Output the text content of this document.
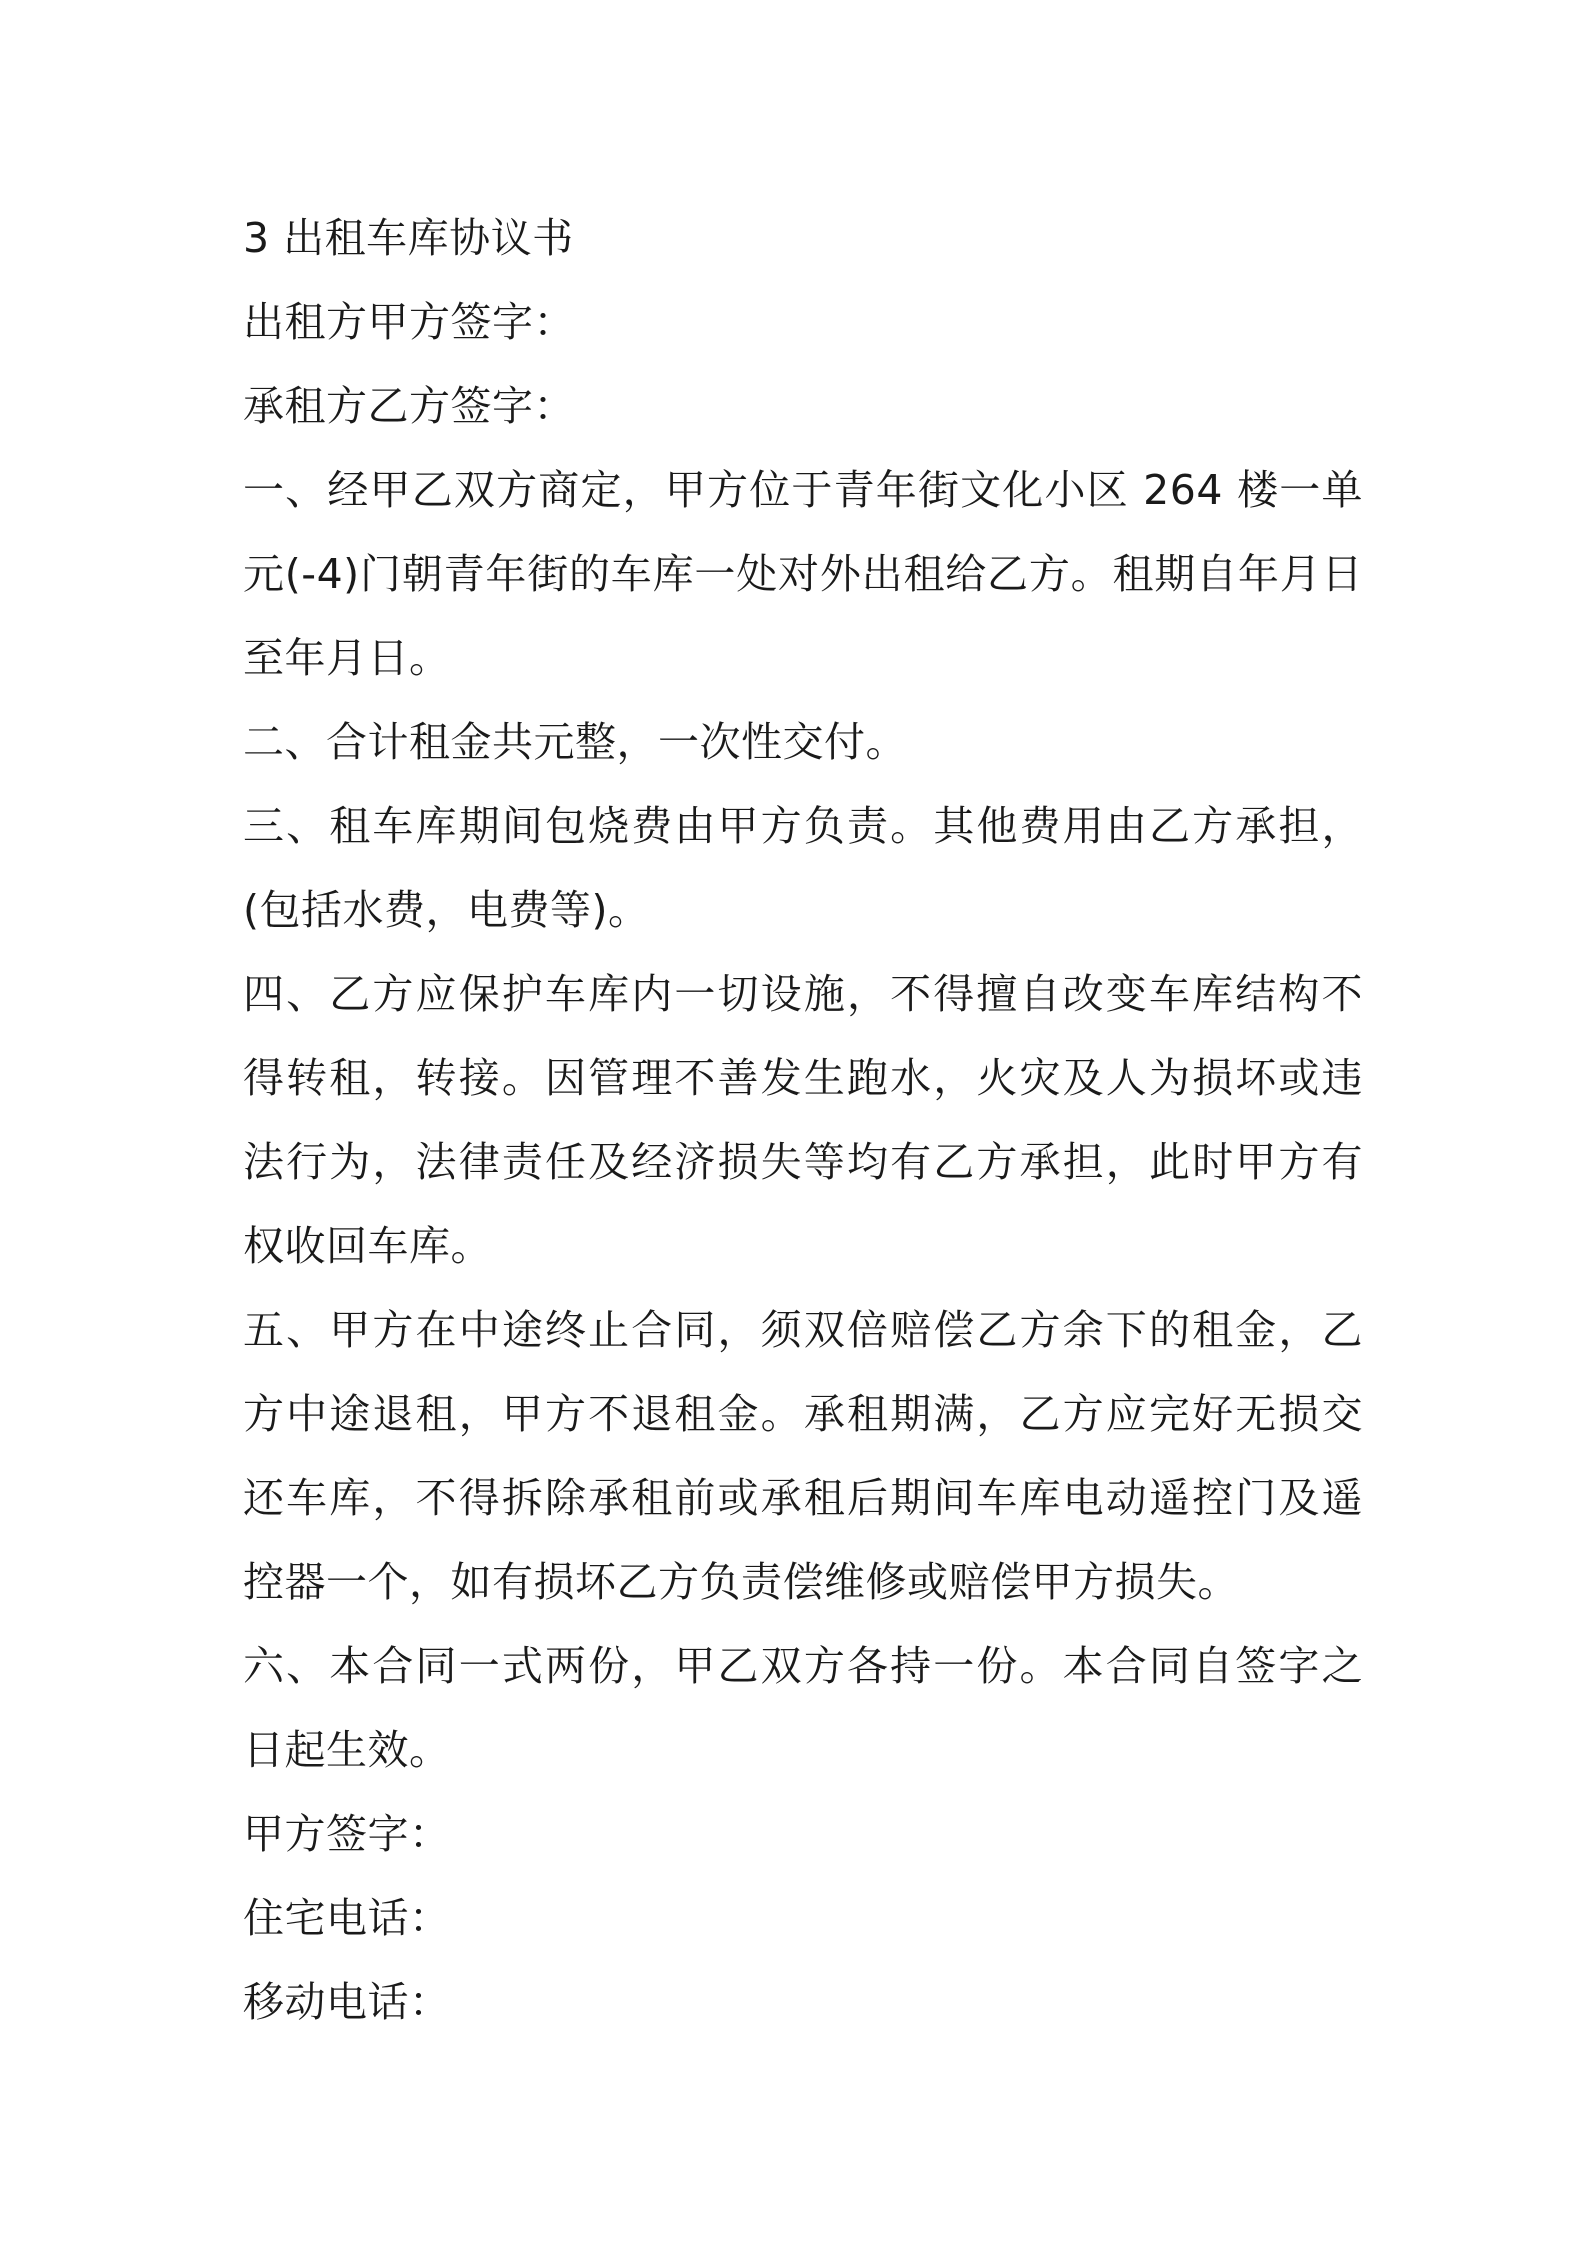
3 出租车库协议书

出租方甲方签字：

承租方乙方签字：

一、经甲乙双方商定，甲方位于青年街文化小区 264 楼一单元(-4)门朝青年街的车库一处对外出租给乙方。租期自年月日至年月日。

二、合计租金共元整，一次性交付。

三、租车库期间包烧费由甲方负责。其他费用由乙方承担，(包括水费，电费等)。

四、乙方应保护车库内一切设施，不得擅自改变车库结构不得转租，转接。因管理不善发生跑水，火灾及人为损坏或违法行为，法律责任及经济损失等均有乙方承担，此时甲方有权收回车库。

五、甲方在中途终止合同，须双倍赔偿乙方余下的租金，乙方中途退租，甲方不退租金。承租期满，乙方应完好无损交还车库，不得拆除承租前或承租后期间车库电动遥控门及遥控器一个，如有损坏乙方负责偿维修或赔偿甲方损失。

六、本合同一式两份，甲乙双方各持一份。本合同自签字之日起生效。

甲方签字：

住宅电话：

移动电话：
